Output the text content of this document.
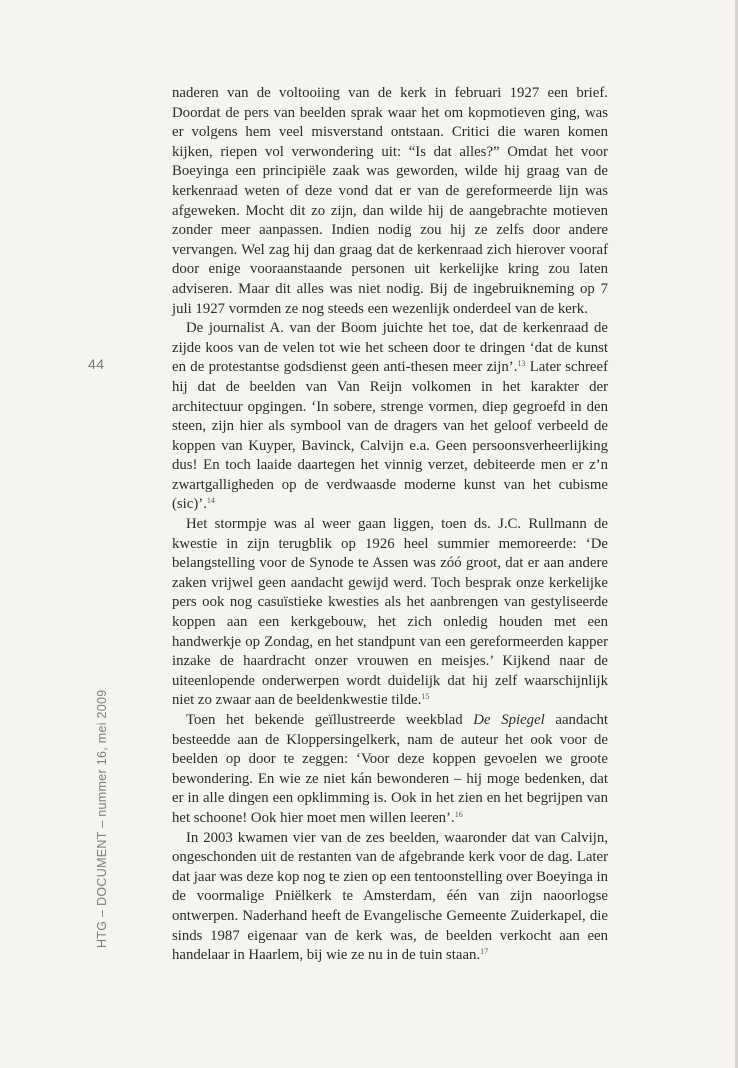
44
HTG – DOCUMENT – nummer 16, mei 2009

naderen van de voltooiing van de kerk in februari 1927 een brief. Doordat de pers van beelden sprak waar het om kopmotieven ging, was er volgens hem veel misverstand ontstaan. Critici die waren komen kijken, riepen vol verwondering uit: “Is dat alles?” Omdat het voor Boeyinga een principiële zaak was geworden, wilde hij graag van de kerkenraad weten of deze vond dat er van de gereformeerde lijn was afgeweken. Mocht dit zo zijn, dan wilde hij de aangebrachte motieven zonder meer aanpassen. Indien nodig zou hij ze zelfs door andere vervangen. Wel zag hij dan graag dat de kerkenraad zich hierover vooraf door enige vooraanstaande personen uit kerkelijke kring zou laten adviseren. Maar dit alles was niet nodig. Bij de ingebruikneming op 7 juli 1927 vormden ze nog steeds een wezenlijk onderdeel van de kerk.

De journalist A. van der Boom juichte het toe, dat de kerkenraad de zijde koos van de velen tot wie het scheen door te dringen ‘dat de kunst en de protestantse godsdienst geen anti-thesen meer zijn’.$^{13}$ Later schreef hij dat de beelden van Van Reijn volkomen in het karakter der architectuur opgingen. ‘In sobere, strenge vormen, diep gegroefd in den steen, zijn hier als symbool van de dragers van het geloof verbeeld de koppen van Kuyper, Bavinck, Calvijn e.a. Geen persoonsverheerlijking dus! En toch laaide daartegen het vinnig verzet, debiteerde men er z’n zwartgalligheden op de verdwaasde moderne kunst van het cubisme (sic)’.$^{14}$

Het stormpje was al weer gaan liggen, toen ds. J.C. Rullmann de kwestie in zijn terugblik op 1926 heel summier memoreerde: ‘De belangstelling voor de Synode te Assen was zóó groot, dat er aan andere zaken vrijwel geen aandacht gewijd werd. Toch besprak onze kerkelijke pers ook nog casuïstieke kwesties als het aanbrengen van gestyliseerde koppen aan een kerkgebouw, het zich onledig houden met een handwerkje op Zondag, en het standpunt van een gereformeerden kapper inzake de haardracht onzer vrouwen en meisjes.’ Kijkend naar de uiteenlopende onderwerpen wordt duidelijk dat hij zelf waarschijnlijk niet zo zwaar aan de beeldenkwestie tilde.$^{15}$

Toen het bekende geïllustreerde weekblad De Spiegel aandacht besteedde aan de Kloppersingelkerk, nam de auteur het ook voor de beelden op door te zeggen: ‘Voor deze koppen gevoelen we groote bewondering. En wie ze niet kán bewonderen – hij moge bedenken, dat er in alle dingen een opklimming is. Ook in het zien en het begrijpen van het schoone! Ook hier moet men willen leeren’.$^{16}$

In 2003 kwamen vier van de zes beelden, waaronder dat van Calvijn, ongeschonden uit de restanten van de afgebrande kerk voor de dag. Later dat jaar was deze kop nog te zien op een tentoonstelling over Boeyinga in de voormalige Pniëlkerk te Amsterdam, één van zijn naoorlogse ontwerpen. Naderhand heeft de Evangelische Gemeente Zuiderkapel, die sinds 1987 eigenaar van de kerk was, de beelden verkocht aan een handelaar in Haarlem, bij wie ze nu in de tuin staan.$^{17}$
